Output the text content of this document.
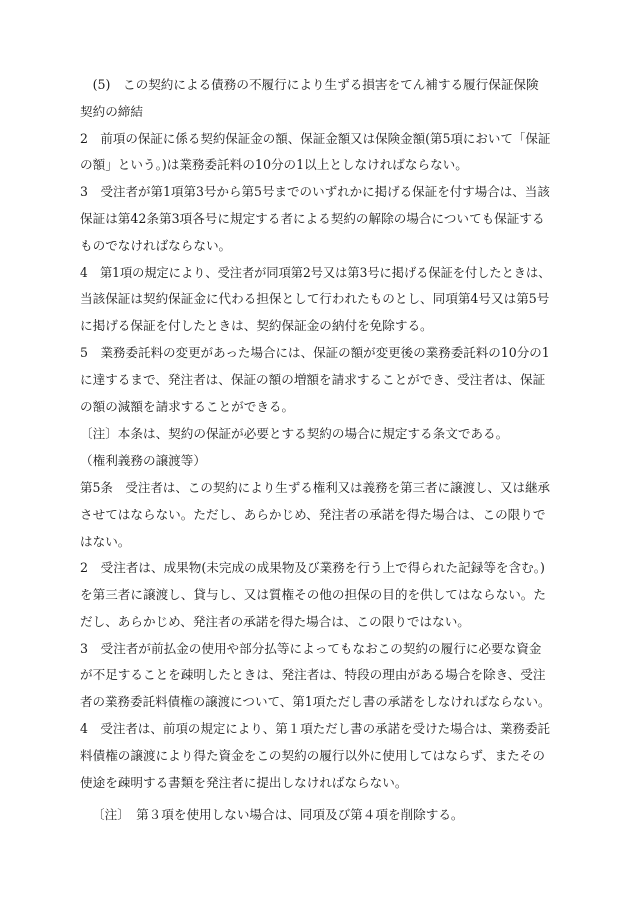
　(5)　この契約による債務の不履行により生ずる損害をてん補する履行保証保険
契約の締結
2　前項の保証に係る契約保証金の額、保証金額又は保険金額(第5項において「保証
の額」という。)は業務委託料の10分の1以上としなければならない。
3　受注者が第1項第3号から第5号までのいずれかに掲げる保証を付す場合は、当該
保証は第42条第3項各号に規定する者による契約の解除の場合についても保証する
ものでなければならない。
4　第1項の規定により、受注者が同項第2号又は第3号に掲げる保証を付したときは、
当該保証は契約保証金に代わる担保として行われたものとし、同項第4号又は第5号
に掲げる保証を付したときは、契約保証金の納付を免除する。
5　業務委託料の変更があった場合には、保証の額が変更後の業務委託料の10分の1
に達するまで、発注者は、保証の額の増額を請求することができ、受注者は、保証
の額の減額を請求することができる。
〔注〕本条は、契約の保証が必要とする契約の場合に規定する条文である。
（権利義務の譲渡等）
第5条　受注者は、この契約により生ずる権利又は義務を第三者に譲渡し、又は継承
させてはならない。ただし、あらかじめ、発注者の承諾を得た場合は、この限りで
はない。
2　受注者は、成果物(未完成の成果物及び業務を行う上で得られた記録等を含む。)
を第三者に譲渡し、貸与し、又は質権その他の担保の目的を供してはならない。た
だし、あらかじめ、発注者の承諾を得た場合は、この限りではない。
3　受注者が前払金の使用や部分払等によってもなおこの契約の履行に必要な資金
が不足することを疎明したときは、発注者は、特段の理由がある場合を除き、受注
者の業務委託料債権の譲渡について、第1項ただし書の承諾をしなければならない。
4　受注者は、前項の規定により、第１項ただし書の承諾を受けた場合は、業務委託
料債権の譲渡により得た資金をこの契約の履行以外に使用してはならず、またその
使途を疎明する書類を発注者に提出しなければならない。
〔注〕　第３項を使用しない場合は、同項及び第４項を削除する。
